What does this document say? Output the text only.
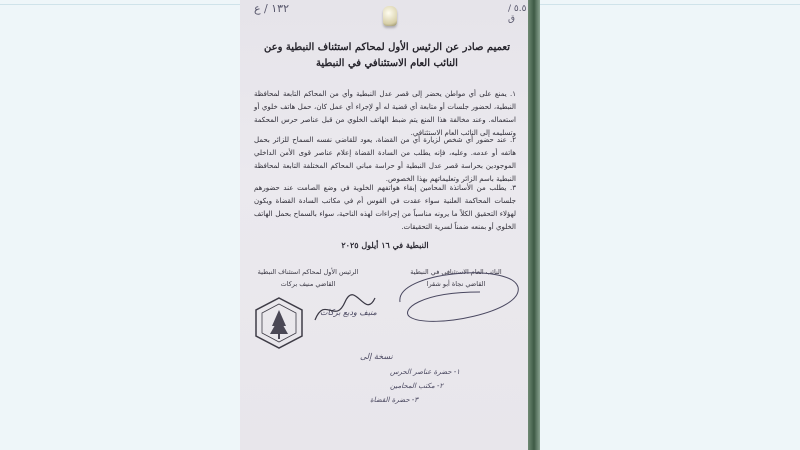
١٣٢ / ع	٥.٥ / ق
تعميم صادر عن الرئيس الأول لمحاكم استئناف النبطية وعن النائب العام الاستئنافي في النبطية
١. يمنع على أي مواطن يحضر إلى قصر عدل النبطية وأي من المحاكم التابعة لمحافظة النبطية، لحضور جلسات أو متابعة أي قضية له أو لإجراء أي عمل كان، حمل هاتف خلوي أو استعماله. وعند مخالفة هذا المنع يتم ضبط الهاتف الخلوي من قبل عناصر حرس المحكمة وتسليمه إلى النائب العام الاستئنافي.
٢. عند حضور أي شخص لزيارة أي من القضاة، يعود للقاضي نفسه السماح للزائر بحمل هاتفه أو عدمه. وعليه، فإنه يطلب من السادة القضاة إعلام عناصر قوى الأمن الداخلي الموجودين بحراسة قصر عدل النبطية أو حراسة مباني المحاكم المختلفة التابعة لمحافظة النبطية باسم الزائر وتعليماتهم بهذا الخصوص.
٣. يطلب من الأساتذة المحامين إبقاء هواتفهم الخلوية في وضع الصامت عند حضورهم جلسات المحاكمة العلنية سواء عقدت في القوس أم في مكاتب السادة القضاة ويكون لهؤلاء التحقيق الكلاً ما يرونه مناسباً من إجراءات لهذه الناحية، سواء بالسماح بحمل الهاتف الخلوي أو بمنعه ضمناً لسرية التحقيقات.
النبطية في ١٦ أيلول ٢٠٢٥
النائب العام الاستئنافي في النبطية
القاضي نجاة أبو شقرا
الرئيس الأول لمحاكم استئناف النبطية
القاضي منيف بركات
منيف وديع بركات
نسخة إلى
١- حضرة عناصر الحرس
٢- مكتب المحامين
٣- حضرة القضاة
